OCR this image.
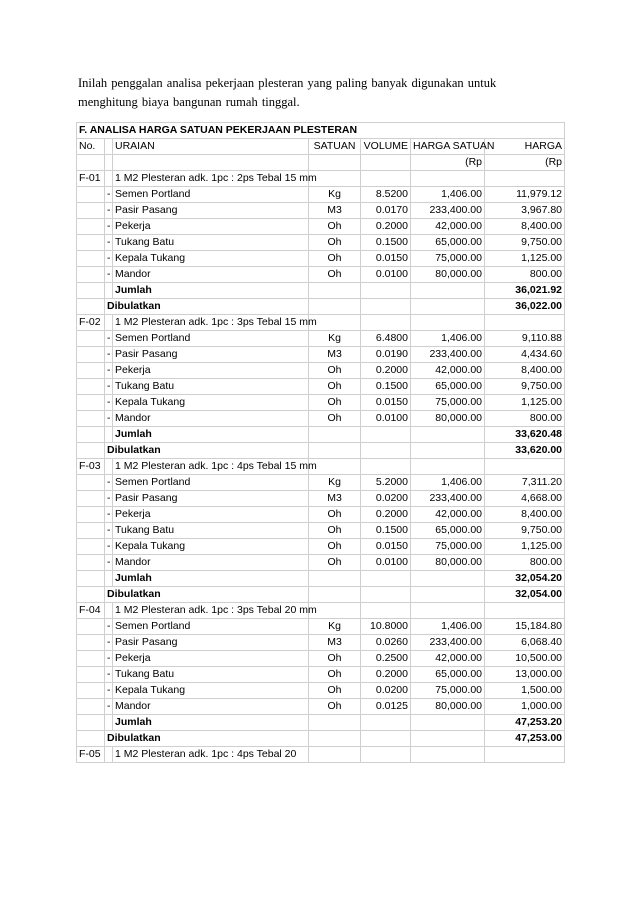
Inilah penggalan analisa pekerjaan plesteran yang paling banyak digunakan untuk
menghitung biaya bangunan rumah tinggal.
F. ANALISA HARGA SATUAN PEKERJAAN PLESTERAN						
No.		URAIAN	SATUAN	VOLUME	HARGA SATUAN	HARGA
					(Rp	(Rp
F-01		1 M2 Plesteran adk. 1pc : 2ps Tebal 15 mm				
	-	Semen Portland	Kg	8.5200	1,406.00	11,979.12
	-	Pasir Pasang	M3	0.0170	233,400.00	3,967.80
	-	Pekerja	Oh	0.2000	42,000.00	8,400.00
	-	Tukang Batu	Oh	0.1500	65,000.00	9,750.00
	-	Kepala Tukang	Oh	0.0150	75,000.00	1,125.00
	-	Mandor	Oh	0.0100	80,000.00	800.00
		Jumlah				36,021.92
	Dibulatkan					36,022.00
F-02		1 M2 Plesteran adk. 1pc : 3ps Tebal 15 mm				
	-	Semen Portland	Kg	6.4800	1,406.00	9,110.88
	-	Pasir Pasang	M3	0.0190	233,400.00	4,434.60
	-	Pekerja	Oh	0.2000	42,000.00	8,400.00
	-	Tukang Batu	Oh	0.1500	65,000.00	9,750.00
	-	Kepala Tukang	Oh	0.0150	75,000.00	1,125.00
	-	Mandor	Oh	0.0100	80,000.00	800.00
		Jumlah				33,620.48
	Dibulatkan					33,620.00
F-03		1 M2 Plesteran adk. 1pc : 4ps Tebal 15 mm				
	-	Semen Portland	Kg	5.2000	1,406.00	7,311.20
	-	Pasir Pasang	M3	0.0200	233,400.00	4,668.00
	-	Pekerja	Oh	0.2000	42,000.00	8,400.00
	-	Tukang Batu	Oh	0.1500	65,000.00	9,750.00
	-	Kepala Tukang	Oh	0.0150	75,000.00	1,125.00
	-	Mandor	Oh	0.0100	80,000.00	800.00
		Jumlah				32,054.20
	Dibulatkan					32,054.00
F-04		1 M2 Plesteran adk. 1pc : 3ps Tebal 20 mm				
	-	Semen Portland	Kg	10.8000	1,406.00	15,184.80
	-	Pasir Pasang	M3	0.0260	233,400.00	6,068.40
	-	Pekerja	Oh	0.2500	42,000.00	10,500.00
	-	Tukang Batu	Oh	0.2000	65,000.00	13,000.00
	-	Kepala Tukang	Oh	0.0200	75,000.00	1,500.00
	-	Mandor	Oh	0.0125	80,000.00	1,000.00
		Jumlah				47,253.20
	Dibulatkan					47,253.00
F-05		1 M2 Plesteran adk. 1pc : 4ps Tebal 20				
